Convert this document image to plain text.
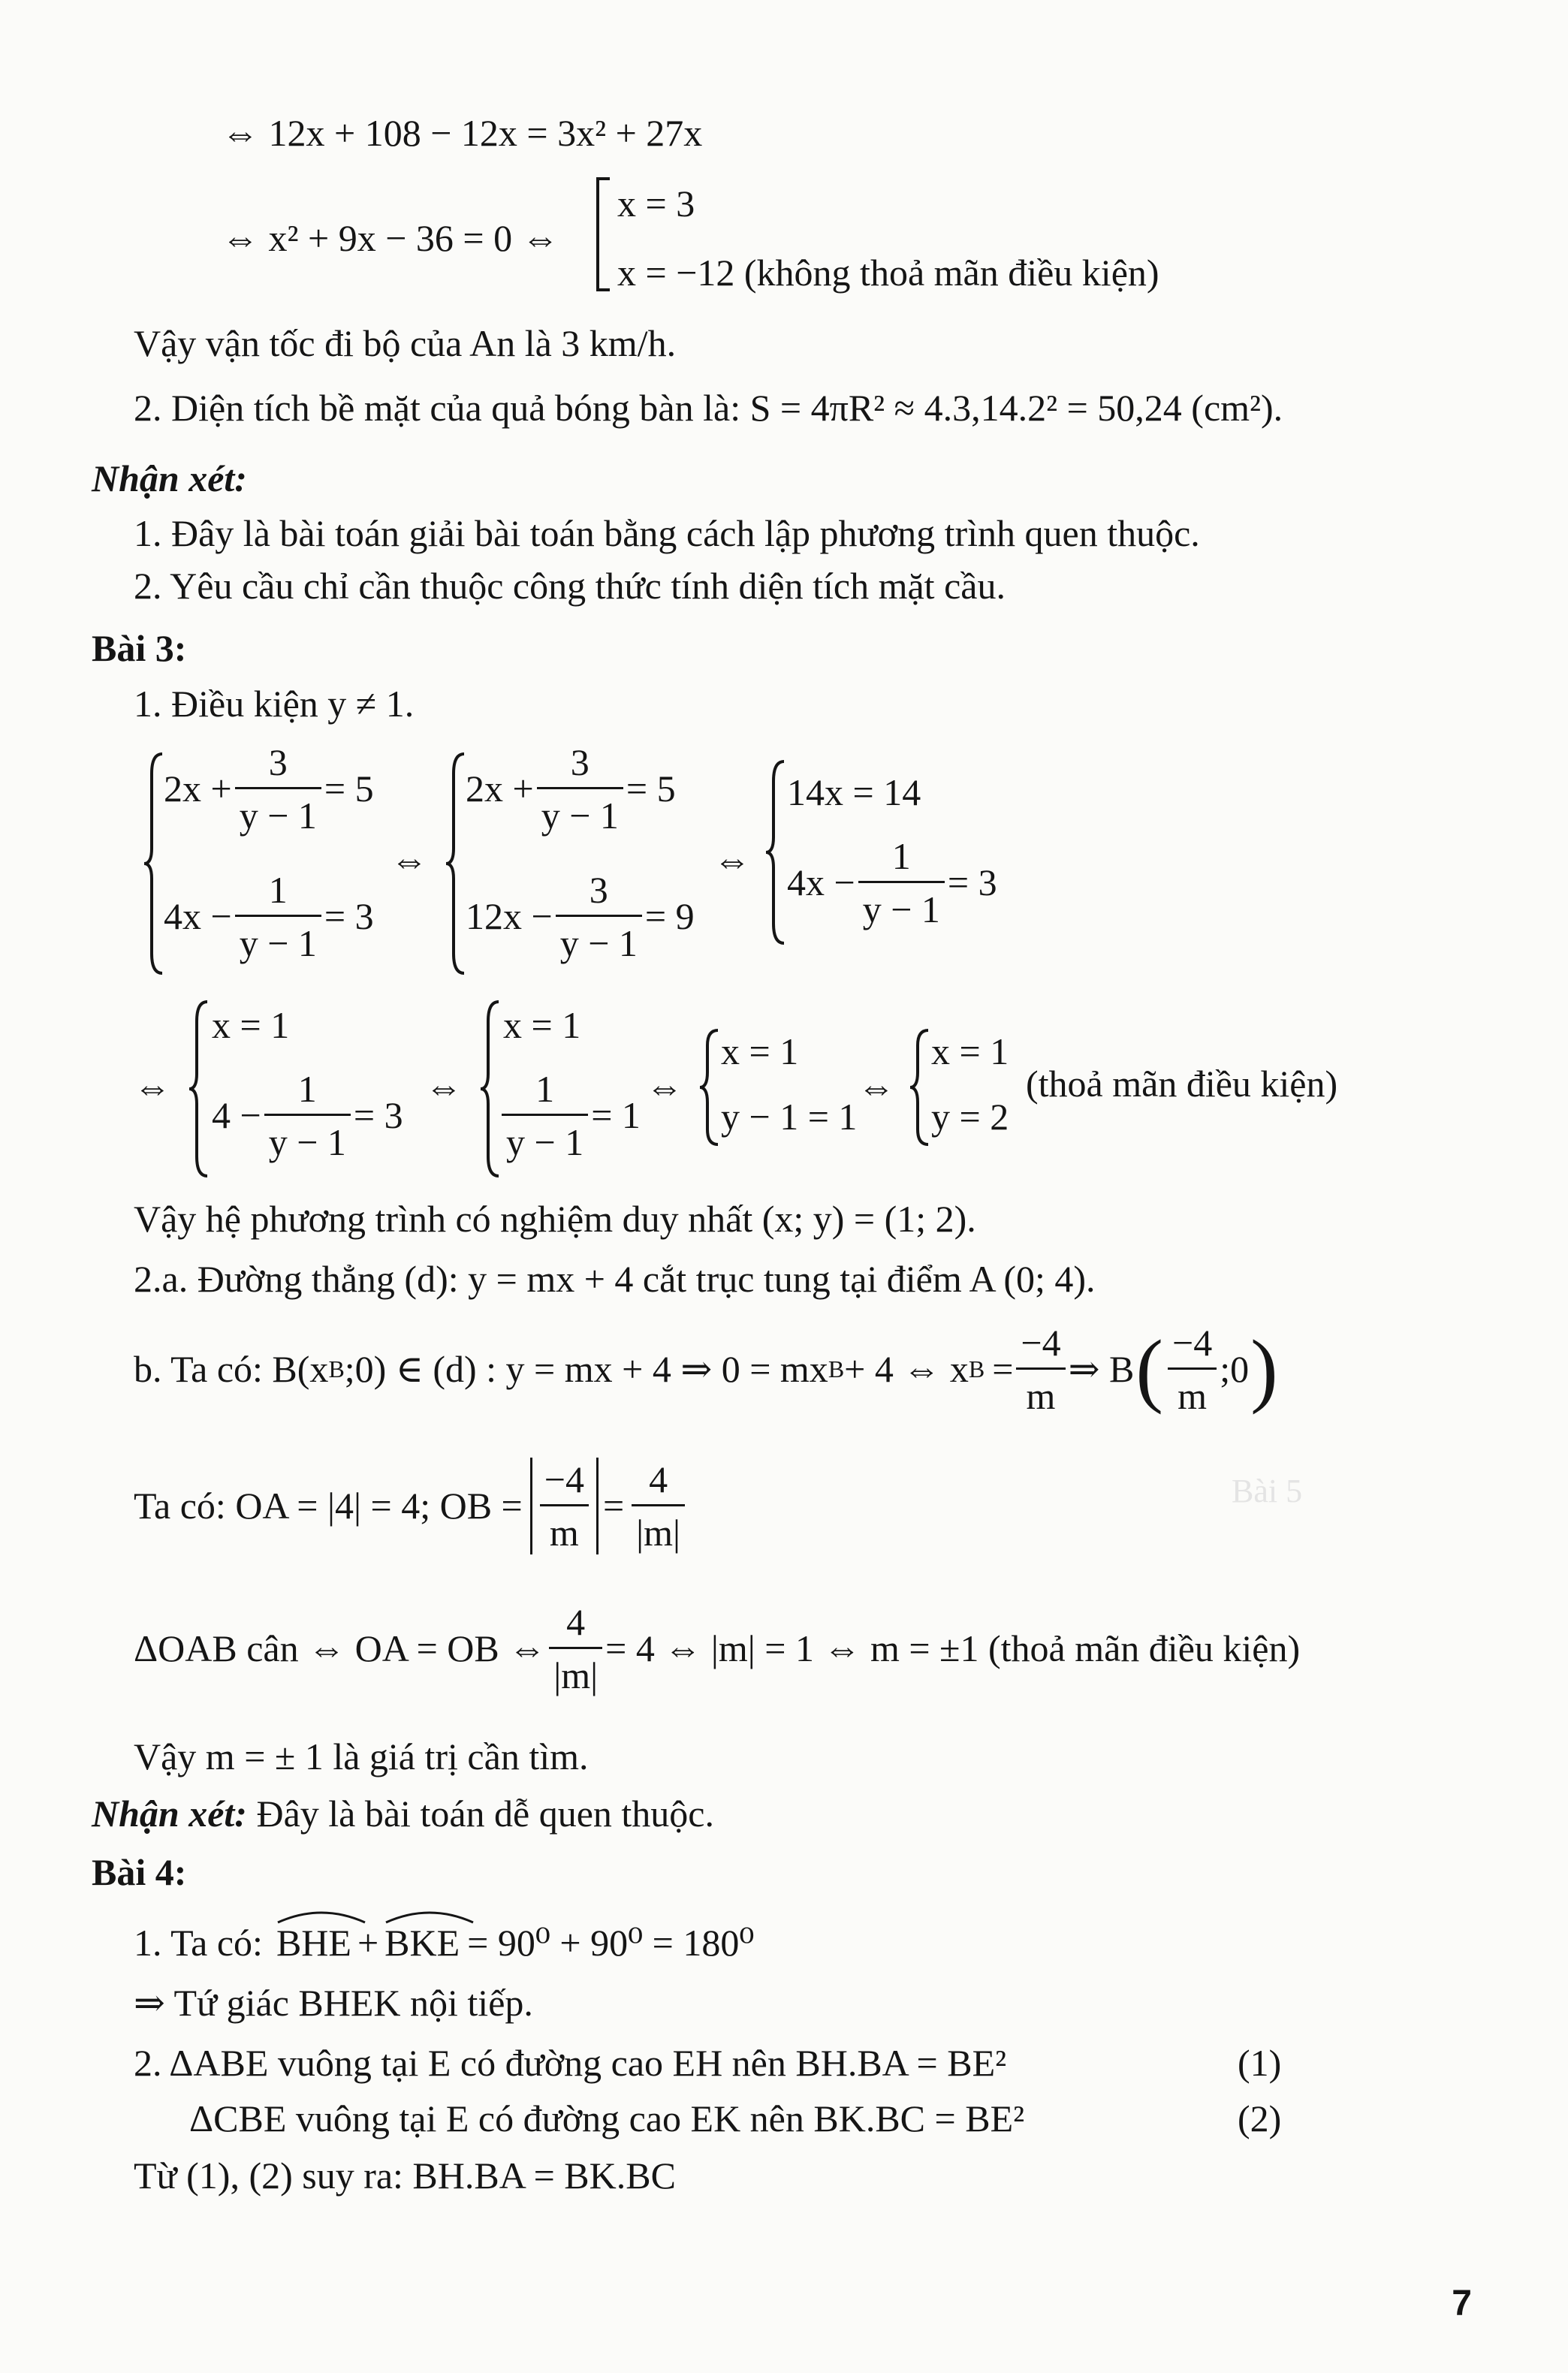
Bài 5
⇔ 12x + 108 − 12x = 3x² + 27x
⇔ x² + 9x − 36 = 0 ⇔
x = 3
x = −12 (không thoả mãn điều kiện)
Vậy vận tốc đi bộ của An là 3 km/h.
2. Diện tích bề mặt của quả bóng bàn là: S = 4πR² ≈ 4.3,14.2² = 50,24 (cm²).
Nhận xét:
1. Đây là bài toán giải bài toán bằng cách lập phương trình quen thuộc.
2. Yêu cầu chỉ cần thuộc công thức tính diện tích mặt cầu.
Bài 3:
1. Điều kiện y ≠ 1.
$2x + \frac{3}{y - 1} = 5$
$4x - \frac{1}{y - 1} = 3$
⇔
$2x + \frac{3}{y - 1} = 5$
$12x - \frac{3}{y - 1} = 9$
⇔
14x = 14
$4x - \frac{1}{y - 1} = 3$
⇔
x = 1
$4 - \frac{1}{y - 1} = 3$
⇔
x = 1
$\frac{1}{y - 1} = 1$
⇔
x = 1
y − 1 = 1
⇔
x = 1
y = 2
(thoả mãn điều kiện)
Vậy hệ phương trình có nghiệm duy nhất (x; y) = (1; 2).
2.a. Đường thẳng (d): y = mx + 4 cắt trục tung tại điểm A (0; 4).
b. Ta có: B(x B ;0) ∈ (d) : y = mx + 4 ⇒ 0 = mx B + 4 ⇔ x $B = \frac{-4}{m}$ ⇒ B ( $\frac{-4}{m}$ ;0 )
Ta có: OA = |4| = 4; OB = $\frac{-4}{m} = \frac{4}{|m|}$
ΔOAB cân ⇔ OA = OB ⇔ $\frac{4}{|m|} = 4$ ⇔ |m| = 1 ⇔ m = ±1 (thoả mãn điều kiện)
Vậy m = ± 1 là giá trị cần tìm.
Nhận xét: Đây là bài toán dễ quen thuộc.
Bài 4:
1. Ta có: BHE + BKE = 90⁰ + 90⁰ = 180⁰
⇒ Tứ giác BHEK nội tiếp.
2. ΔABE vuông tại E có đường cao EH nên BH.BA = BE²	(1)
ΔCBE vuông tại E có đường cao EK nên BK.BC = BE²	(2)
Từ (1), (2) suy ra: BH.BA = BK.BC
7
